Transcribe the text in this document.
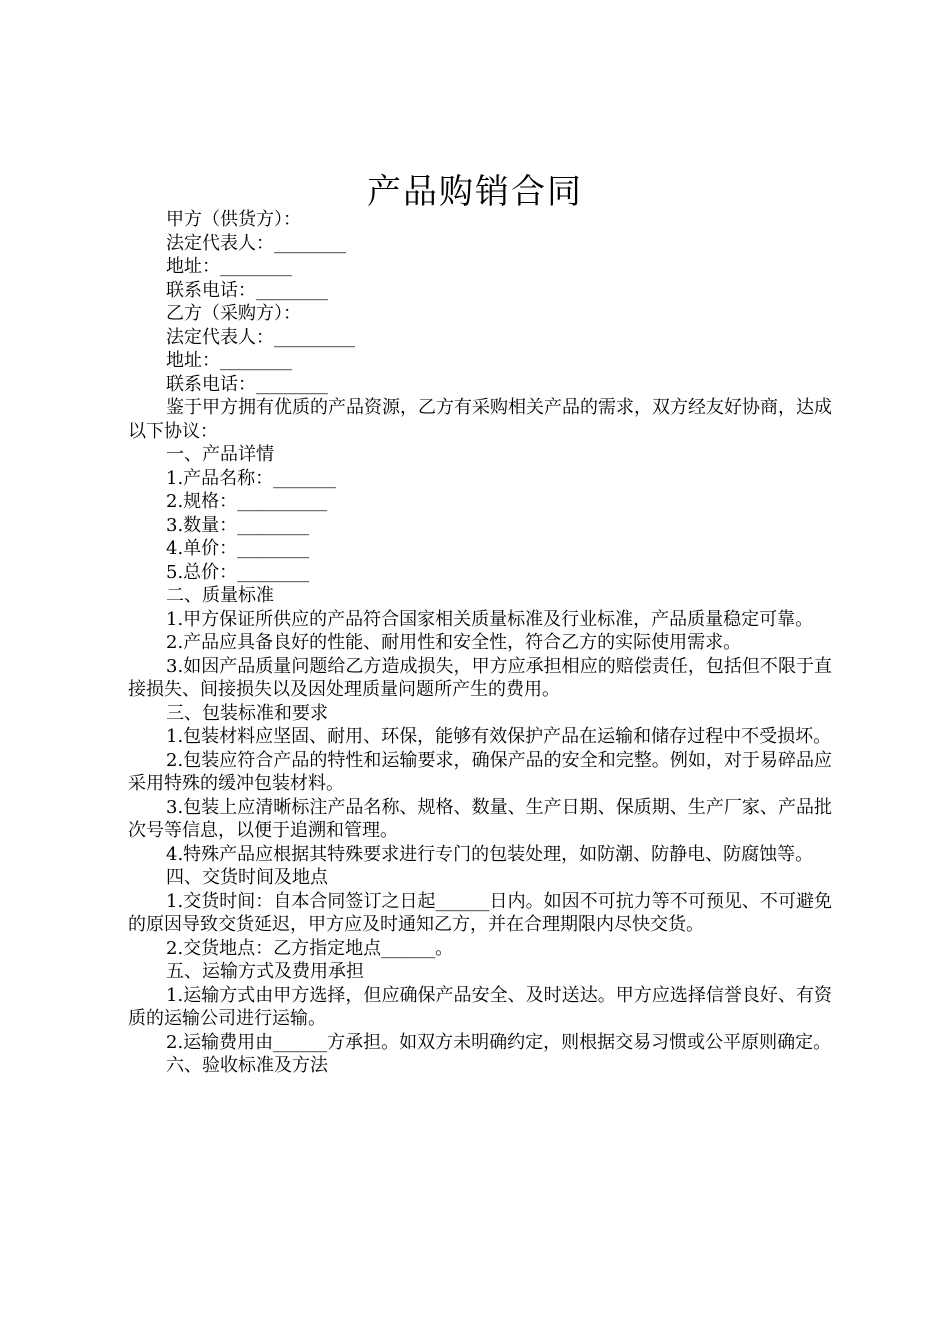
产品购销合同

甲方（供货方）：

法定代表人：________

地址：________

联系电话：________

乙方（采购方）：

法定代表人：_________

地址：________

联系电话：________

鉴于甲方拥有优质的产品资源，乙方有采购相关产品的需求，双方经友好协商，达成以下协议：

一、产品详情

1.产品名称：_______

2.规格：__________

3.数量：________

4.单价：________

5.总价：________

二、质量标准

1.甲方保证所供应的产品符合国家相关质量标准及行业标准，产品质量稳定可靠。

2.产品应具备良好的性能、耐用性和安全性，符合乙方的实际使用需求。

3.如因产品质量问题给乙方造成损失，甲方应承担相应的赔偿责任，包括但不限于直接损失、间接损失以及因处理质量问题所产生的费用。

三、包装标准和要求

1.包装材料应坚固、耐用、环保，能够有效保护产品在运输和储存过程中不受损坏。

2.包装应符合产品的特性和运输要求，确保产品的安全和完整。例如，对于易碎品应采用特殊的缓冲包装材料。

3.包装上应清晰标注产品名称、规格、数量、生产日期、保质期、生产厂家、产品批次号等信息，以便于追溯和管理。

4.特殊产品应根据其特殊要求进行专门的包装处理，如防潮、防静电、防腐蚀等。

四、交货时间及地点

1.交货时间：自本合同签订之日起______日内。如因不可抗力等不可预见、不可避免的原因导致交货延迟，甲方应及时通知乙方，并在合理期限内尽快交货。

2.交货地点：乙方指定地点______。

五、运输方式及费用承担

1.运输方式由甲方选择，但应确保产品安全、及时送达。甲方应选择信誉良好、有资质的运输公司进行运输。

2.运输费用由______方承担。如双方未明确约定，则根据交易习惯或公平原则确定。

六、验收标准及方法
